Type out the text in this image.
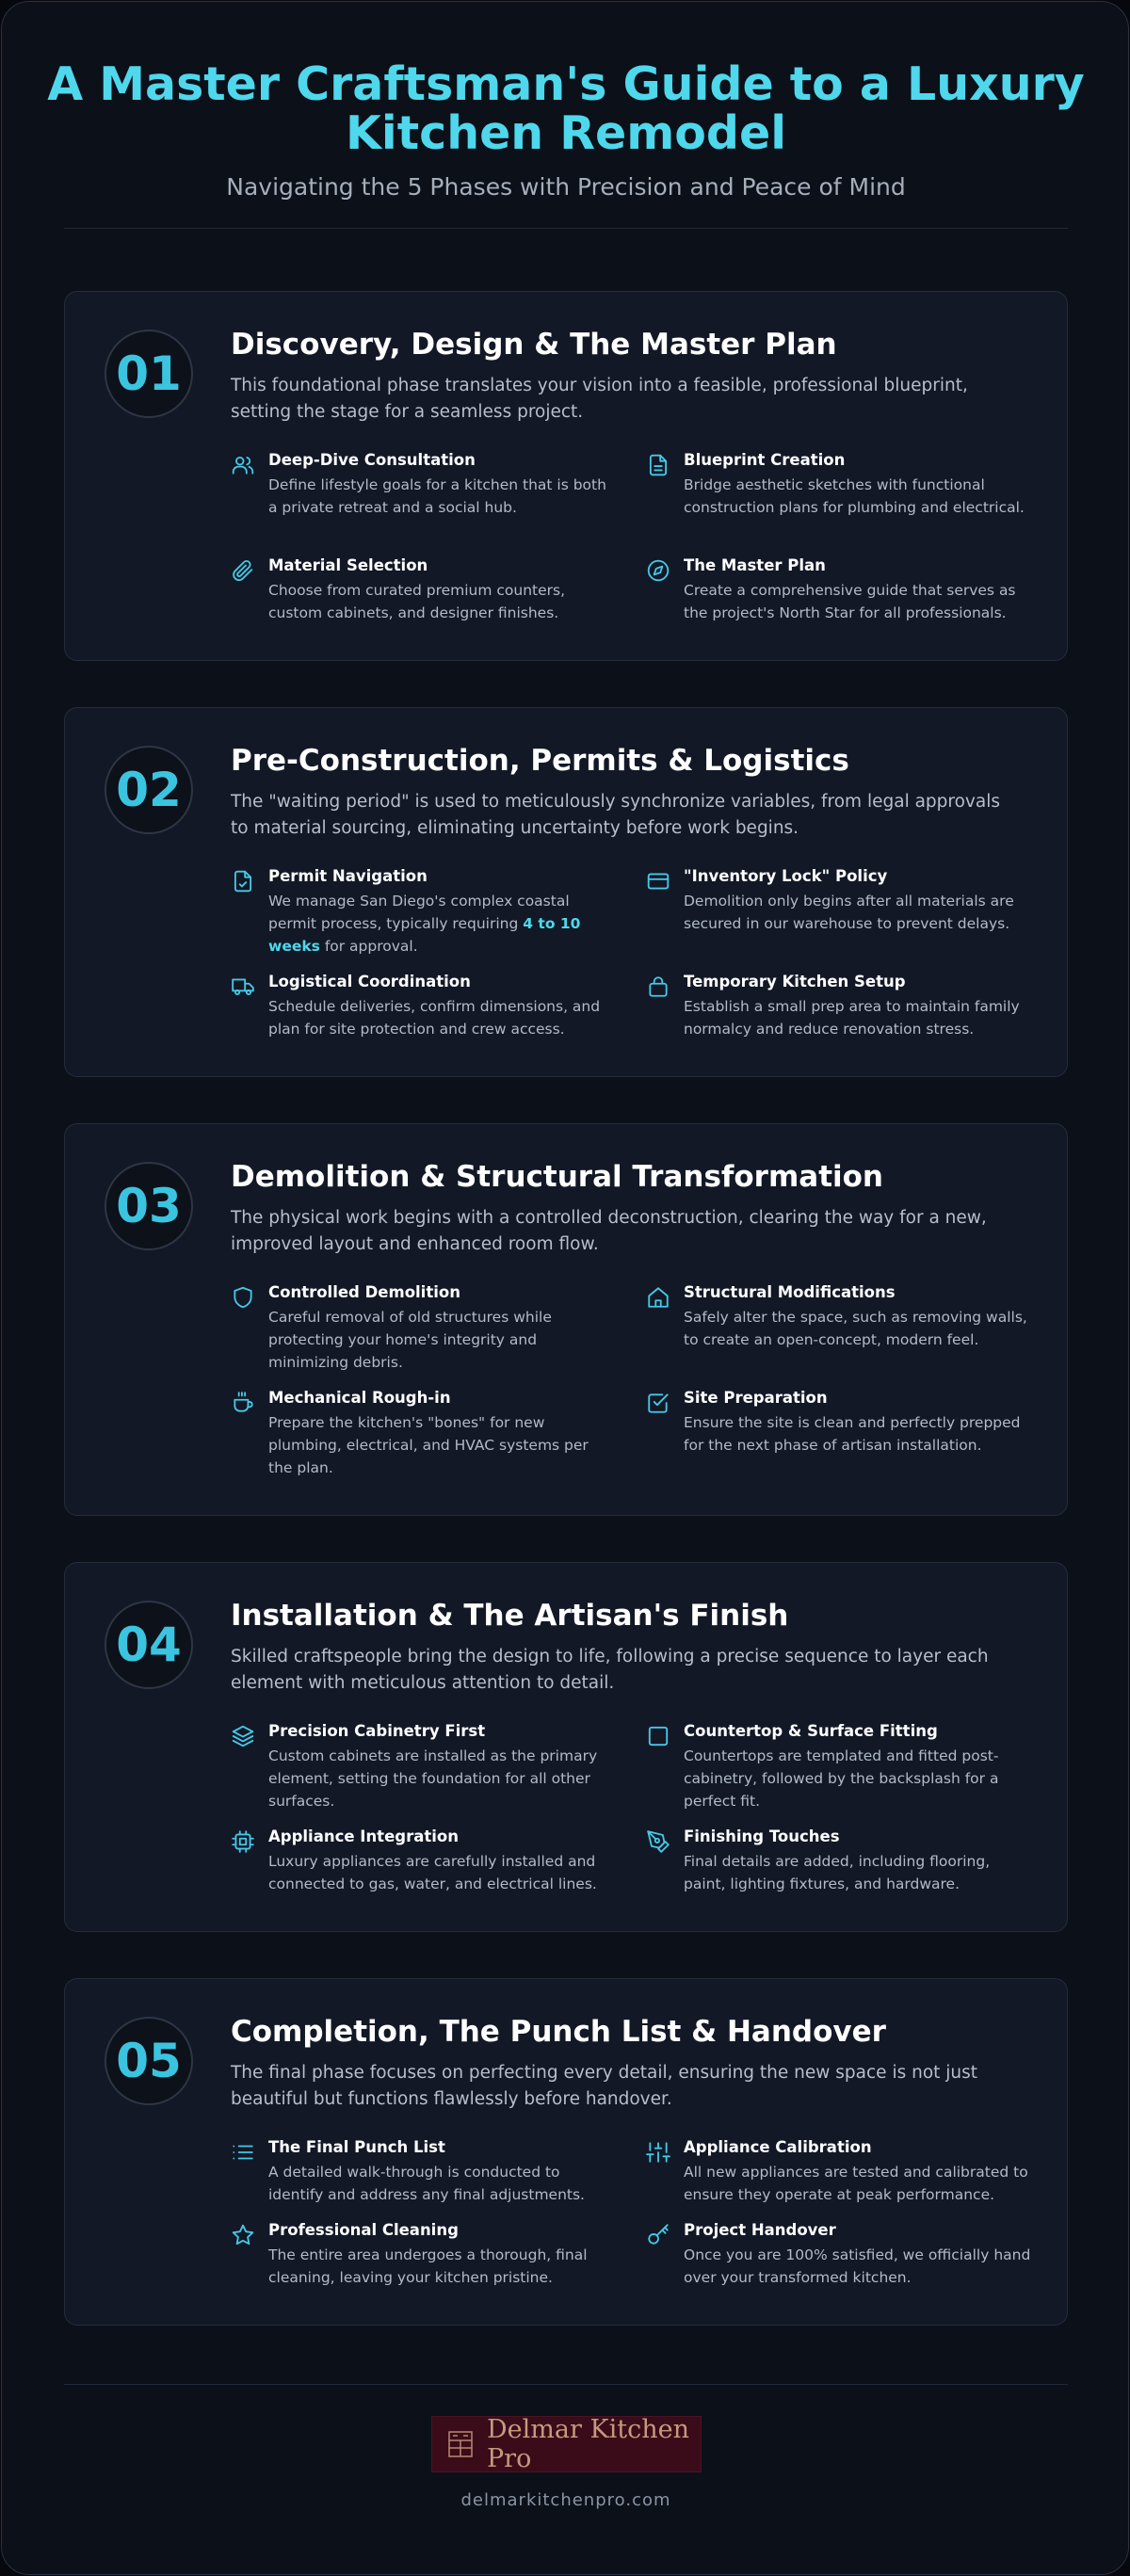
A Master Craftsman's Guide to a Luxury Kitchen Remodel
Navigating the 5 Phases with Precision and Peace of Mind
01
Discovery, Design & The Master Plan
This foundational phase translates your vision into a feasible, professional blueprint, setting the stage for a seamless project.
Deep-Dive Consultation
Define lifestyle goals for a kitchen that is both a private retreat and a social hub.
Blueprint Creation
Bridge aesthetic sketches with functional construction plans for plumbing and electrical.
Material Selection
Choose from curated premium counters, custom cabinets, and designer finishes.
The Master Plan
Create a comprehensive guide that serves as the project's North Star for all professionals.
02
Pre-Construction, Permits & Logistics
The "waiting period" is used to meticulously synchronize variables, from legal approvals to material sourcing, eliminating uncertainty before work begins.
Permit Navigation
We manage San Diego's complex coastal permit process, typically requiring 4 to 10 weeks for approval.
"Inventory Lock" Policy
Demolition only begins after all materials are secured in our warehouse to prevent delays.
Logistical Coordination
Schedule deliveries, confirm dimensions, and plan for site protection and crew access.
Temporary Kitchen Setup
Establish a small prep area to maintain family normalcy and reduce renovation stress.
03
Demolition & Structural Transformation
The physical work begins with a controlled deconstruction, clearing the way for a new, improved layout and enhanced room flow.
Controlled Demolition
Careful removal of old structures while protecting your home's integrity and minimizing debris.
Structural Modifications
Safely alter the space, such as removing walls, to create an open-concept, modern feel.
Mechanical Rough-in
Prepare the kitchen's "bones" for new plumbing, electrical, and HVAC systems per the plan.
Site Preparation
Ensure the site is clean and perfectly prepped for the next phase of artisan installation.
04
Installation & The Artisan's Finish
Skilled craftspeople bring the design to life, following a precise sequence to layer each element with meticulous attention to detail.
Precision Cabinetry First
Custom cabinets are installed as the primary element, setting the foundation for all other surfaces.
Countertop & Surface Fitting
Countertops are templated and fitted post-cabinetry, followed by the backsplash for a perfect fit.
Appliance Integration
Luxury appliances are carefully installed and connected to gas, water, and electrical lines.
Finishing Touches
Final details are added, including flooring, paint, lighting fixtures, and hardware.
05
Completion, The Punch List & Handover
The final phase focuses on perfecting every detail, ensuring the new space is not just beautiful but functions flawlessly before handover.
The Final Punch List
A detailed walk-through is conducted to identify and address any final adjustments.
Appliance Calibration
All new appliances are tested and calibrated to ensure they operate at peak performance.
Professional Cleaning
The entire area undergoes a thorough, final cleaning, leaving your kitchen pristine.
Project Handover
Once you are 100% satisfied, we officially hand over your transformed kitchen.
Delmar Kitchen Pro
delmarkitchenpro.com
